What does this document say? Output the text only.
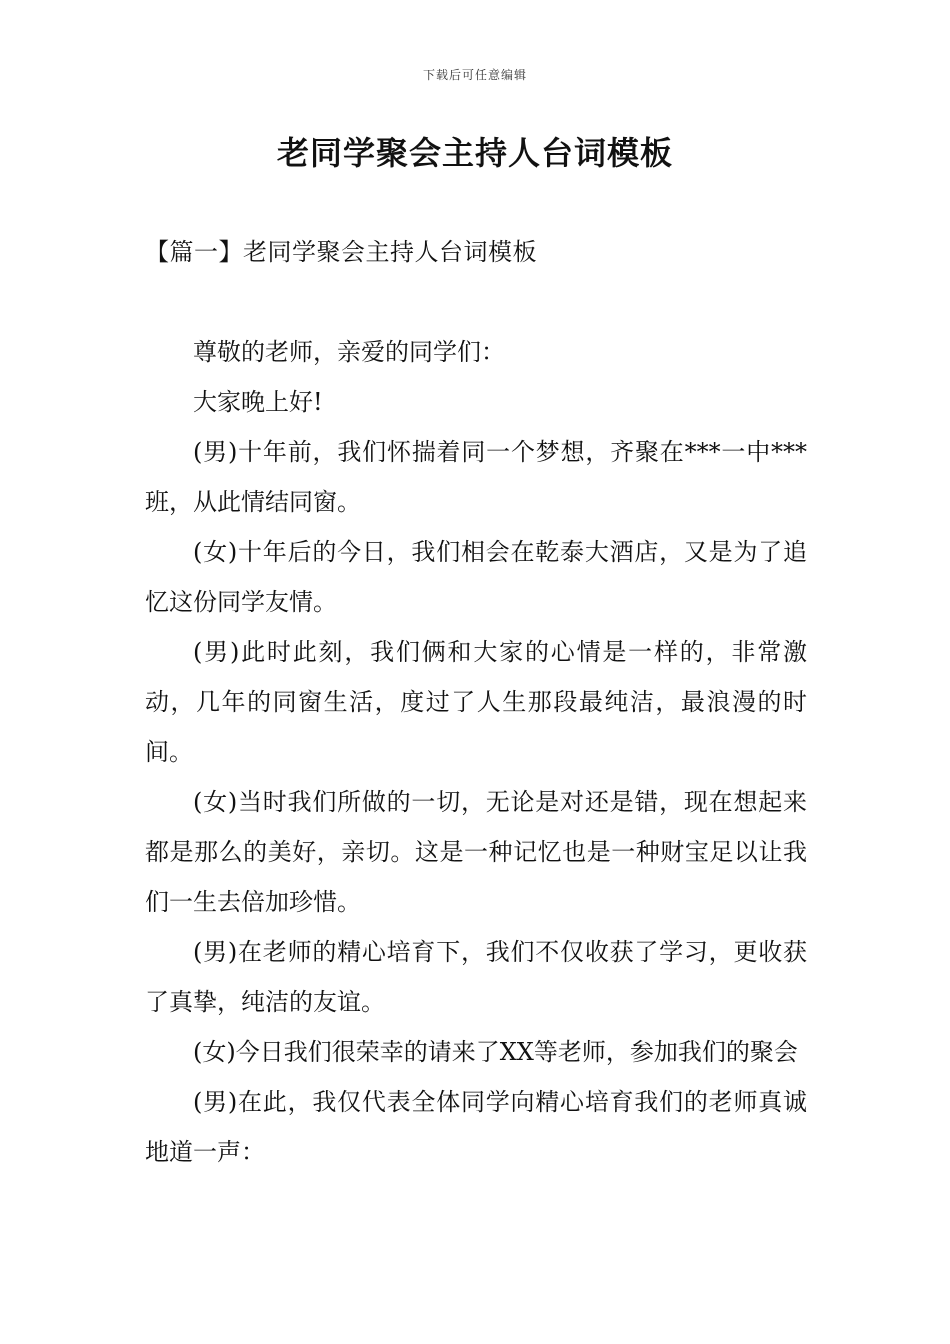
下载后可任意编辑
老同学聚会主持人台词模板
【篇一】老同学聚会主持人台词模板

尊敬的老师，亲爱的同学们：

大家晚上好!

(男)十年前，我们怀揣着同一个梦想，齐聚在***一中***班，从此情结同窗。

(女)十年后的今日，我们相会在乾泰大酒店，又是为了追忆这份同学友情。

(男)此时此刻，我们俩和大家的心情是一样的，非常激动，几年的同窗生活，度过了人生那段最纯洁，最浪漫的时间。

(女)当时我们所做的一切，无论是对还是错，现在想起来都是那么的美好，亲切。这是一种记忆也是一种财宝足以让我们一生去倍加珍惜。

(男)在老师的精心培育下，我们不仅收获了学习，更收获了真挚，纯洁的友谊。

(女)今日我们很荣幸的请来了XX等老师，参加我们的聚会

(男)在此，我仅代表全体同学向精心培育我们的老师真诚地道一声：
